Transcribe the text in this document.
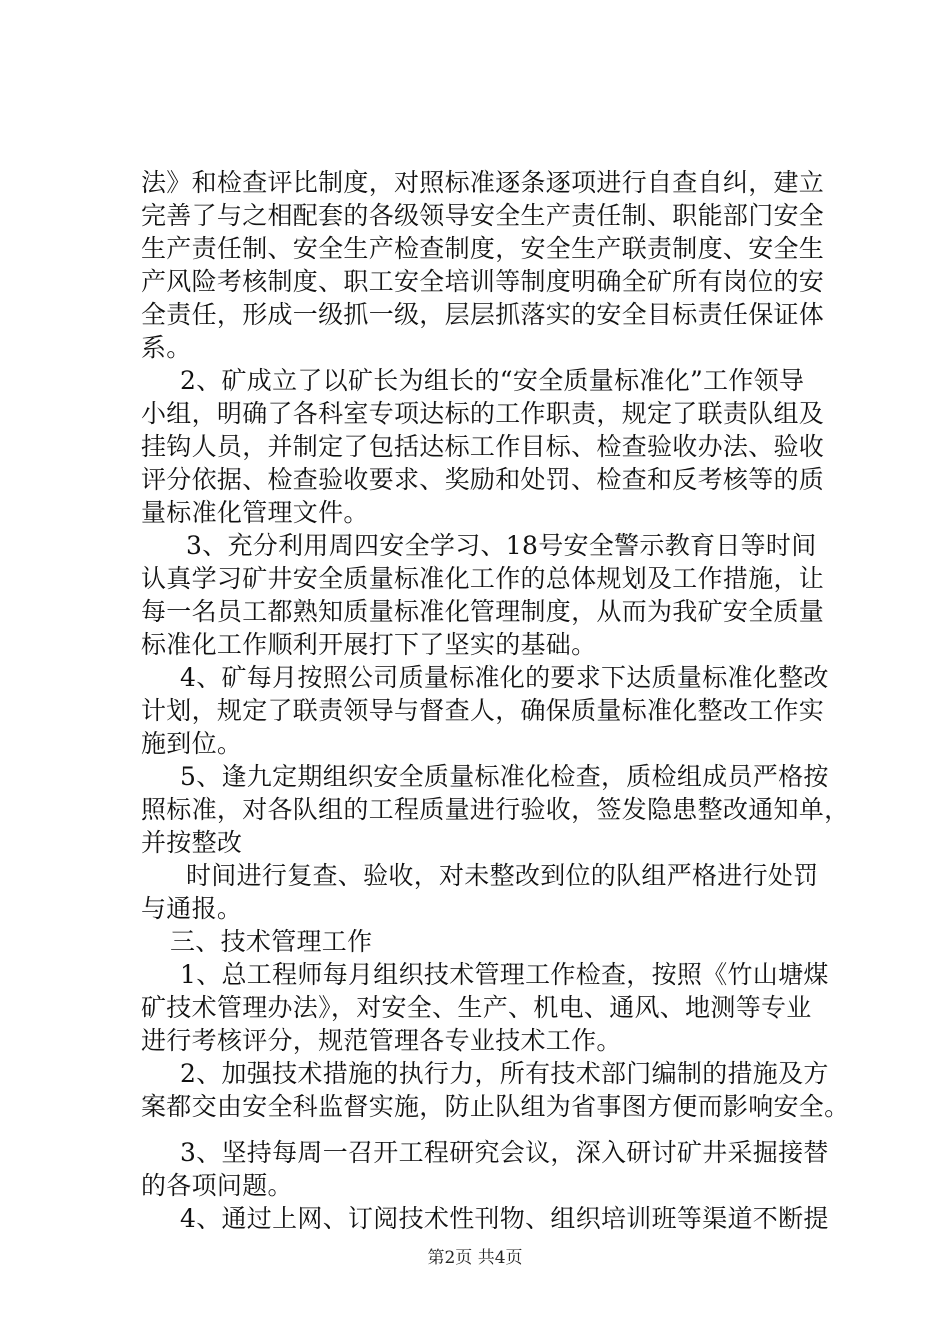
法》和检查评比制度，对照标准逐条逐项进行自查自纠，建立
完善了与之相配套的各级领导安全生产责任制、职能部门安全
生产责任制、安全生产检查制度，安全生产联责制度、安全生
产风险考核制度、职工安全培训等制度明确全矿所有岗位的安
全责任，形成一级抓一级，层层抓落实的安全目标责任保证体
系。
2、矿成立了以矿长为组长的“安全质量标准化”工作领导
小组，明确了各科室专项达标的工作职责，规定了联责队组及
挂钩人员，并制定了包括达标工作目标、检查验收办法、验收
评分依据、检查验收要求、奖励和处罚、检查和反考核等的质
量标准化管理文件。
3、充分利用周四安全学习、18号安全警示教育日等时间
认真学习矿井安全质量标准化工作的总体规划及工作措施，让
每一名员工都熟知质量标准化管理制度，从而为我矿安全质量
标准化工作顺利开展打下了坚实的基础。
4、矿每月按照公司质量标准化的要求下达质量标准化整改
计划，规定了联责领导与督查人，确保质量标准化整改工作实
施到位。
5、逢九定期组织安全质量标准化检查，质检组成员严格按
照标准，对各队组的工程质量进行验收，签发隐患整改通知单，
并按整改
时间进行复查、验收，对未整改到位的队组严格进行处罚
与通报。
三、技术管理工作
1、总工程师每月组织技术管理工作检查，按照《竹山塘煤
矿技术管理办法》，对安全、生产、机电、通风、地测等专业
进行考核评分，规范管理各专业技术工作。
2、加强技术措施的执行力，所有技术部门编制的措施及方
案都交由安全科监督实施，防止队组为省事图方便而影响安全。
3、坚持每周一召开工程研究会议，深入研讨矿井采掘接替
的各项问题。
4、通过上网、订阅技术性刊物、组织培训班等渠道不断提
第2页 共4页
